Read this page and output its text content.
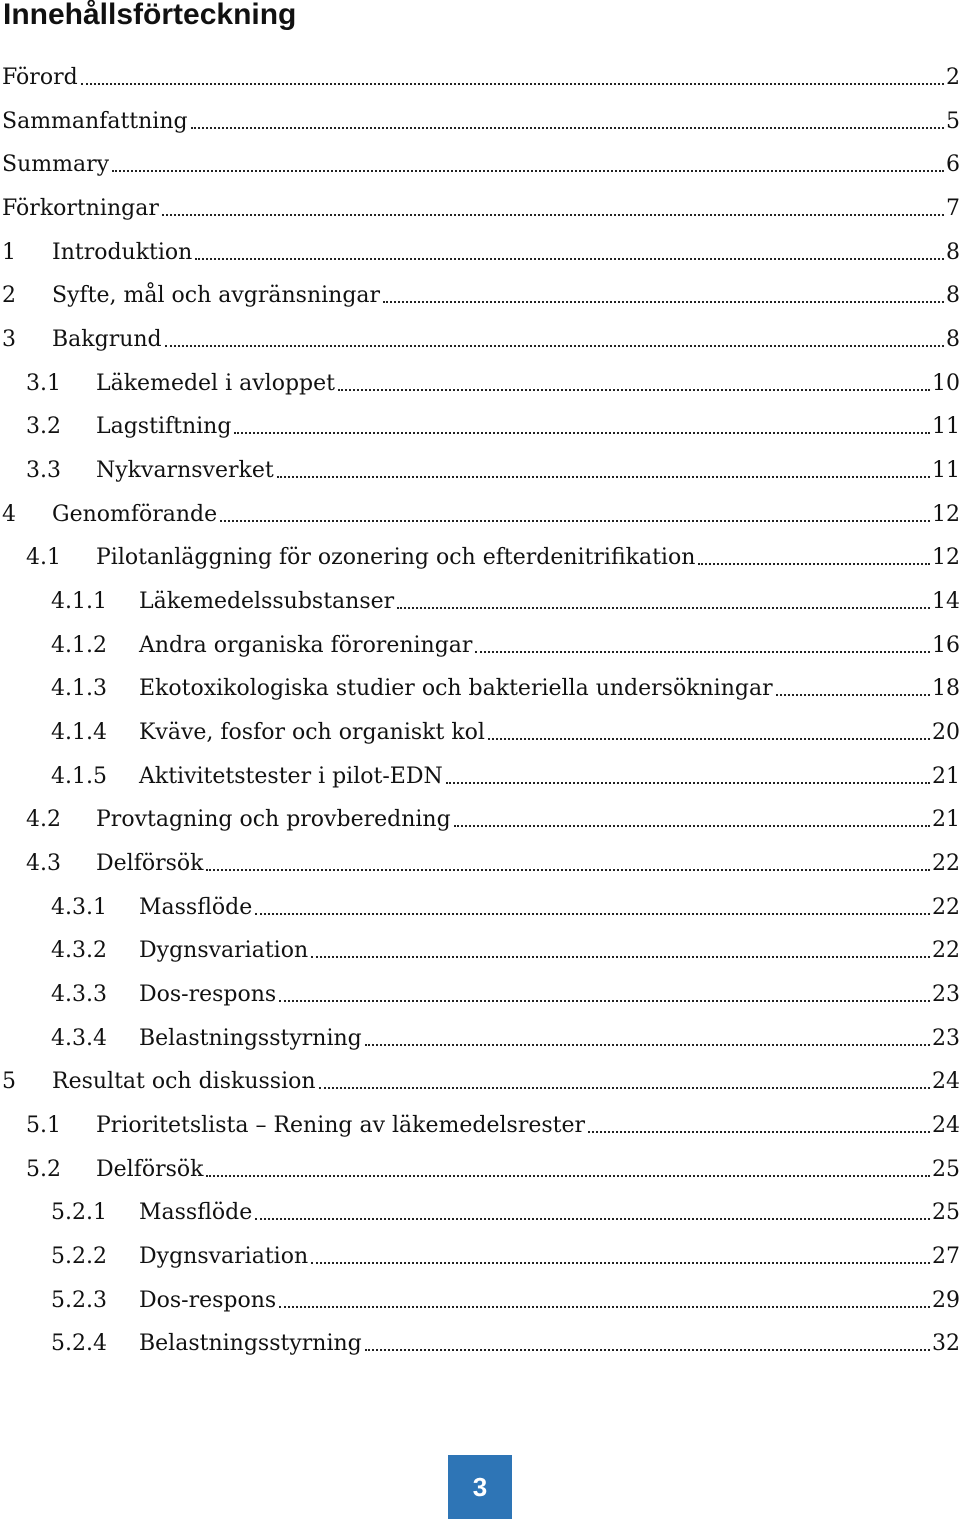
Innehållsförteckning
Förord	2
Sammanfattning	5
Summary	6
Förkortningar	7
1	Introduktion	8
2	Syfte, mål och avgränsningar	8
3	Bakgrund	8
3.1	Läkemedel i avloppet	10
3.2	Lagstiftning	11
3.3	Nykvarnsverket	11
4	Genomförande	12
4.1	Pilotanläggning för ozonering och efterdenitrifikation	12
4.1.1	Läkemedelssubstanser	14
4.1.2	Andra organiska föroreningar	16
4.1.3	Ekotoxikologiska studier och bakteriella undersökningar	18
4.1.4	Kväve, fosfor och organiskt kol	20
4.1.5	Aktivitetstester i pilot-EDN	21
4.2	Provtagning och provberedning	21
4.3	Delförsök	22
4.3.1	Massflöde	22
4.3.2	Dygnsvariation	22
4.3.3	Dos-respons	23
4.3.4	Belastningsstyrning	23
5	Resultat och diskussion	24
5.1	Prioritetslista – Rening av läkemedelsrester	24
5.2	Delförsök	25
5.2.1	Massflöde	25
5.2.2	Dygnsvariation	27
5.2.3	Dos-respons	29
5.2.4	Belastningsstyrning	32
3
